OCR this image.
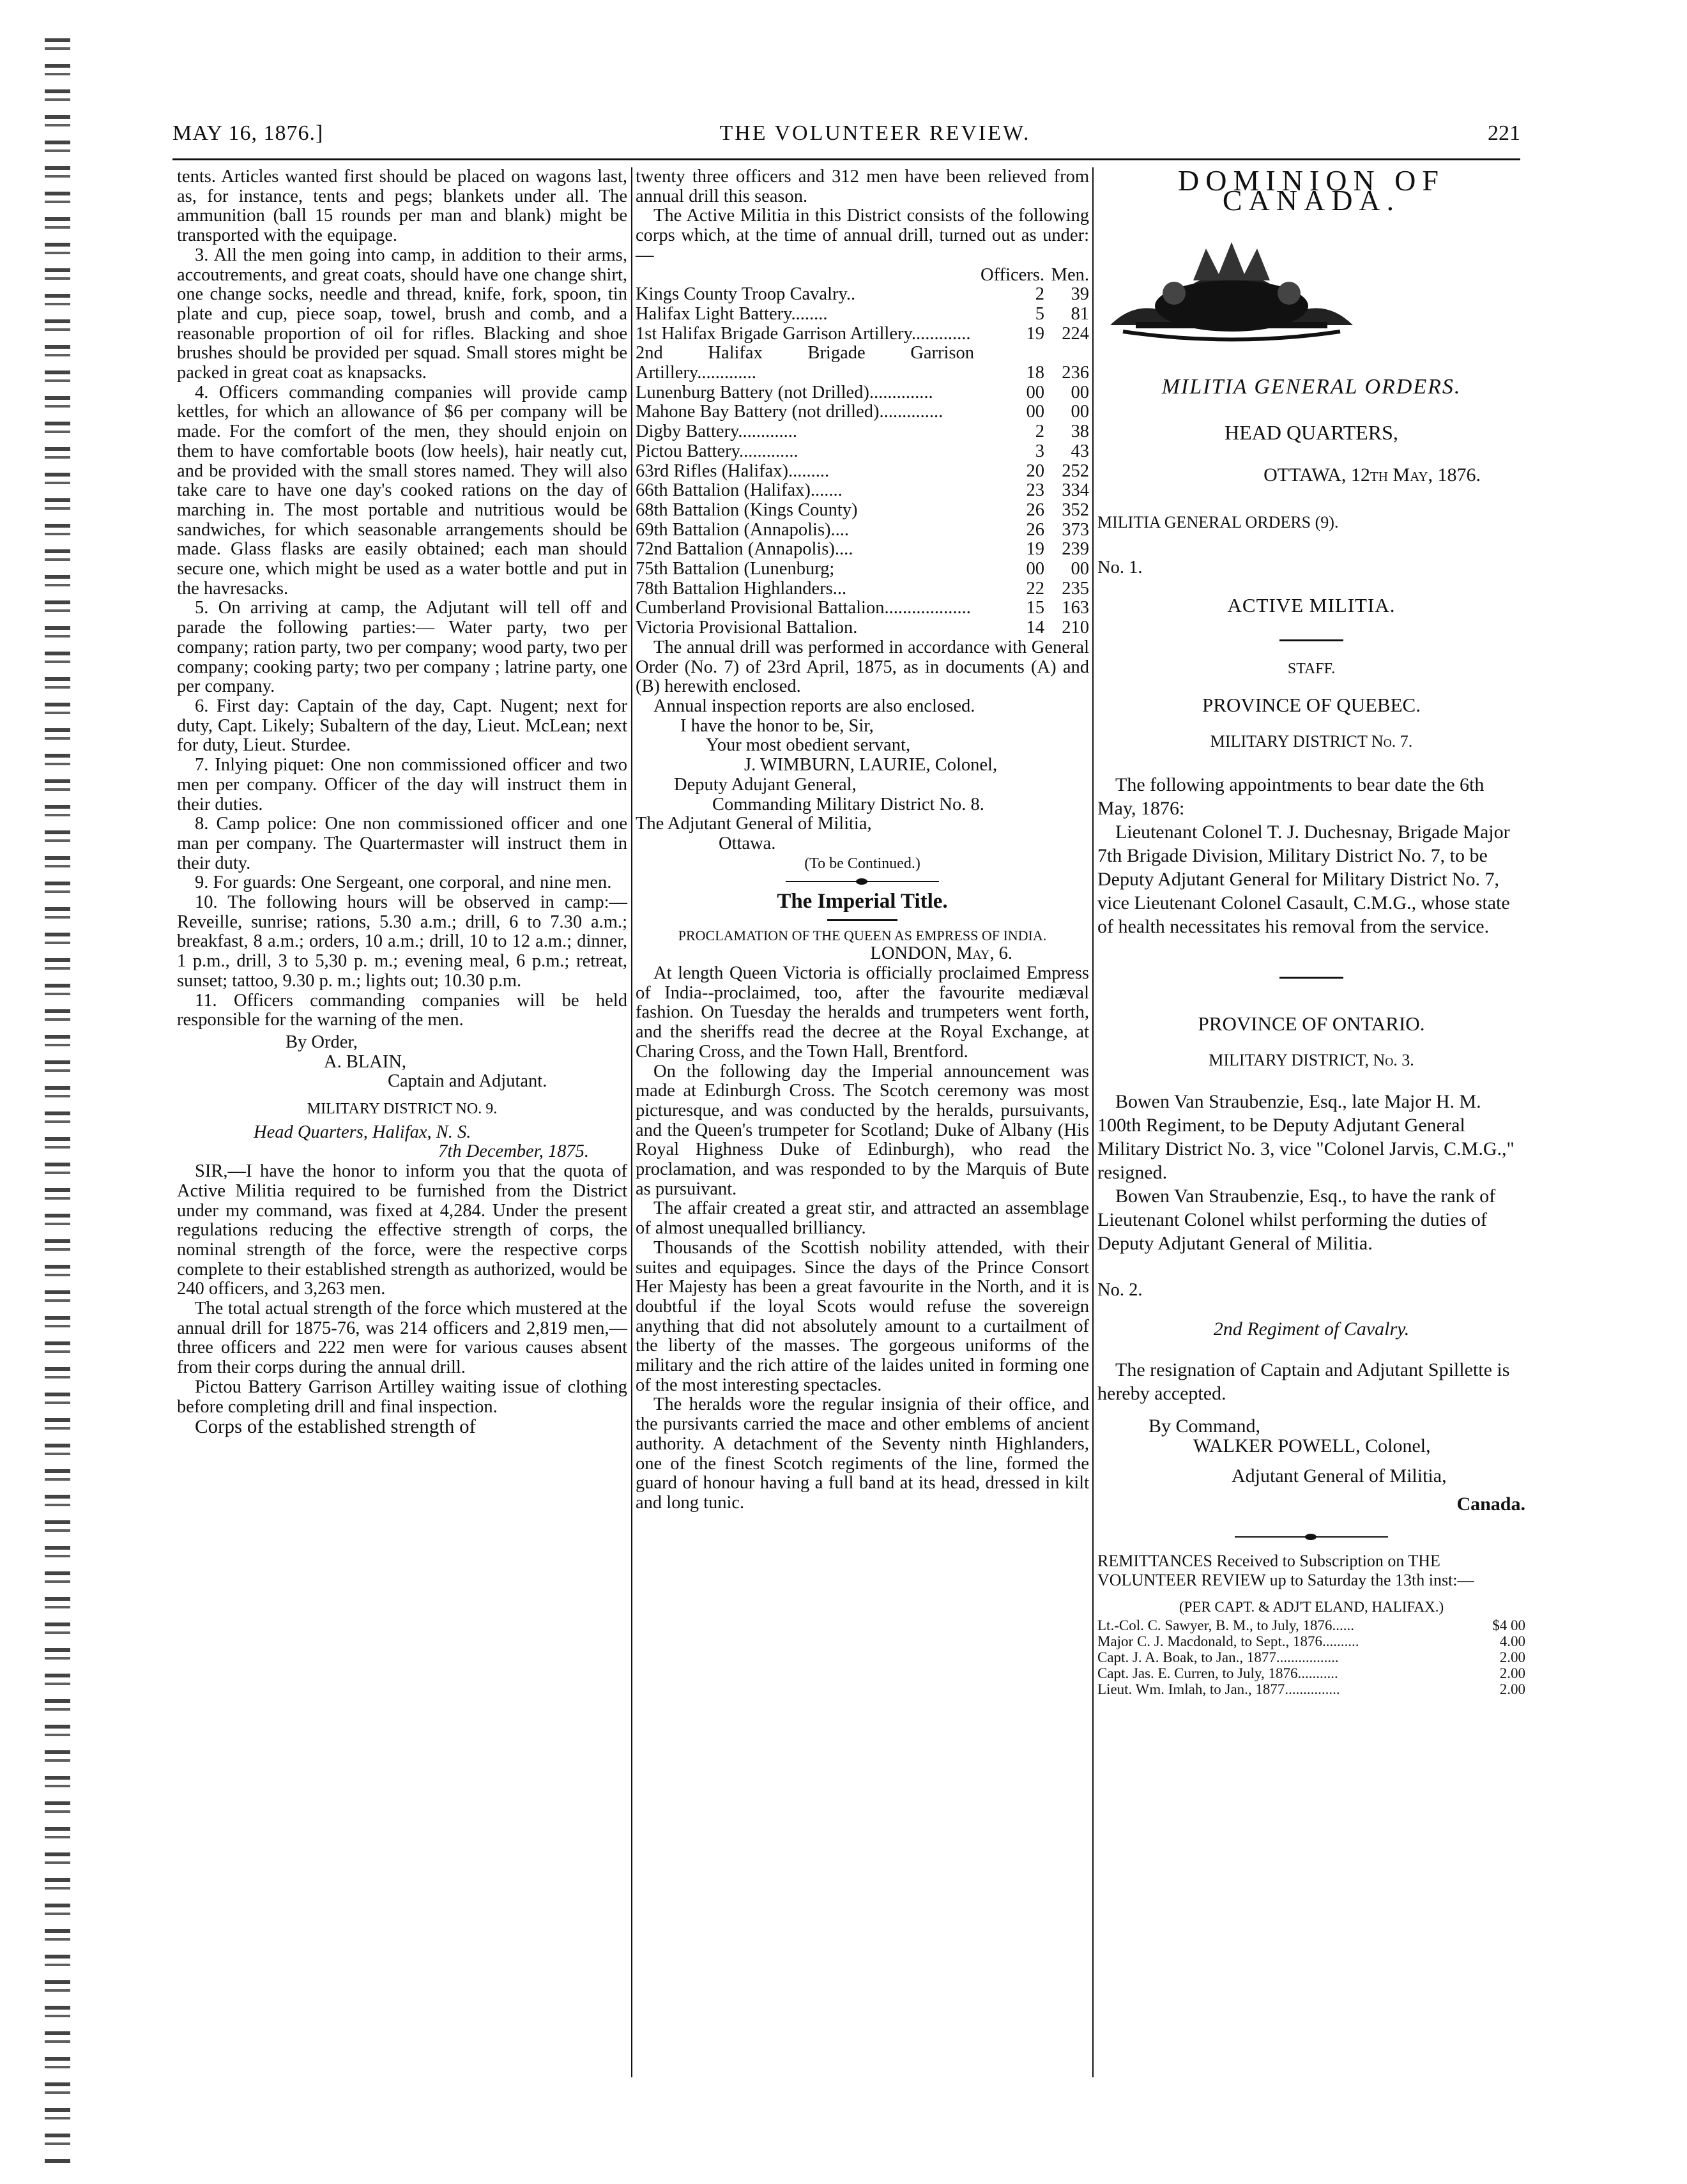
MAY 16, 1876.]	THE VOLUNTEER REVIEW.	221

tents. Articles wanted first should be placed on wagons last, as, for instance, tents and pegs; blankets under all. The ammunition (ball 15 rounds per man and blank) might be transported with the equipage.

3. All the men going into camp, in addition to their arms, accoutrements, and great coats, should have one change shirt, one change socks, needle and thread, knife, fork, spoon, tin plate and cup, piece soap, towel, brush and comb, and a reasonable proportion of oil for rifles. Blacking and shoe brushes should be provided per squad. Small stores might be packed in great coat as knapsacks.

4. Officers commanding companies will provide camp kettles, for which an allowance of $6 per company will be made. For the comfort of the men, they should enjoin on them to have comfortable boots (low heels), hair neatly cut, and be provided with the small stores named. They will also take care to have one day's cooked rations on the day of marching in. The most portable and nutritious would be sandwiches, for which seasonable arrangements should be made. Glass flasks are easily obtained; each man should secure one, which might be used as a water bottle and put in the havresacks.

5. On arriving at camp, the Adjutant will tell off and parade the following parties:— Water party, two per company; ration party, two per company; wood party, two per company; cooking party; two per company ; latrine party, one per company.

6. First day: Captain of the day, Capt. Nugent; next for duty, Capt. Likely; Subaltern of the day, Lieut. McLean; next for duty, Lieut. Sturdee.

7. Inlying piquet: One non commissioned officer and two men per company. Officer of the day will instruct them in their duties.

8. Camp police: One non commissioned officer and one man per company. The Quartermaster will instruct them in their duty.

9. For guards: One Sergeant, one corporal, and nine men.

10. The following hours will be observed in camp:—Reveille, sunrise; rations, 5.30 a.m.; drill, 6 to 7.30 a.m.; breakfast, 8 a.m.; orders, 10 a.m.; drill, 10 to 12 a.m.; dinner, 1 p.m., drill, 3 to 5,30 p. m.; evening meal, 6 p.m.; retreat, sunset; tattoo, 9.30 p. m.; lights out; 10.30 p.m.

11. Officers commanding companies will be held responsible for the warning of the men.

By Order,

A. BLAIN,

Captain and Adjutant.

MILITARY DISTRICT NO. 9.

Head Quarters, Halifax, N. S.

7th December, 1875.

SIR,—I have the honor to inform you that the quota of Active Militia required to be furnished from the District under my command, was fixed at 4,284. Under the present regulations reducing the effective strength of corps, the nominal strength of the force, were the respective corps complete to their established strength as authorized, would be 240 officers, and 3,263 men.

The total actual strength of the force which mustered at the annual drill for 1875-76, was 214 officers and 2,819 men,—three officers and 222 men were for various causes absent from their corps during the annual drill.

Pictou Battery Garrison Artilley waiting issue of clothing before completing drill and final inspection.

Corps of the established strength of

twenty three officers and 312 men have been relieved from annual drill this season.

The Active Militia in this District consists of the following corps which, at the time of annual drill, turned out as under:—

	Officers.	Men.
Kings County Troop Cavalry..	2	39
Halifax Light Battery........	5	81
1st Halifax Brigade Garrison Artillery.............	19	224
2nd Halifax Brigade Garrison Artillery.............	18	236
Lunenburg Battery (not Drilled)..............	00	00
Mahone Bay Battery (not drilled)..............	00	00
Digby Battery.............	2	38
Pictou Battery.............	3	43
63rd Rifles (Halifax).........	20	252
66th Battalion (Halifax).......	23	334
68th Battalion (Kings County)	26	352
69th Battalion (Annapolis)....	26	373
72nd Battalion (Annapolis)....	19	239
75th Battalion (Lunenburg;	00	00
78th Battalion Highlanders...	22	235
Cumberland Provisional Battalion...................	15	163
Victoria Provisional Battalion.	14	210

The annual drill was performed in accordance with General Order (No. 7) of 23rd April, 1875, as in documents (A) and (B) herewith enclosed.

Annual inspection reports are also enclosed.

I have the honor to be, Sir,

Your most obedient servant,

J. WIMBURN, LAURIE, Colonel,

Deputy Adujant General,

Commanding Military District No. 8.

The Adjutant General of Militia,

Ottawa.

(To be Continued.)

The Imperial Title.

PROCLAMATION OF THE QUEEN AS EMPRESS OF INDIA.

LONDON, May, 6.

At length Queen Victoria is officially proclaimed Empress of India--proclaimed, too, after the favourite mediæval fashion. On Tuesday the heralds and trumpeters went forth, and the sheriffs read the decree at the Royal Exchange, at Charing Cross, and the Town Hall, Brentford.

On the following day the Imperial announcement was made at Edinburgh Cross. The Scotch ceremony was most picturesque, and was conducted by the heralds, pursuivants, and the Queen's trumpeter for Scotland; Duke of Albany (His Royal Highness Duke of Edinburgh), who read the proclamation, and was responded to by the Marquis of Bute as pursuivant.

The affair created a great stir, and attracted an assemblage of almost unequalled brilliancy.

Thousands of the Scottish nobility attended, with their suites and equipages. Since the days of the Prince Consort Her Majesty has been a great favourite in the North, and it is doubtful if the loyal Scots would refuse the sovereign anything that did not absolutely amount to a curtailment of the liberty of the masses. The gorgeous uniforms of the military and the rich attire of the laides united in forming one of the most interesting spectacles.

The heralds wore the regular insignia of their office, and the pursivants carried the mace and other emblems of ancient authority. A detachment of the Seventy ninth Highlanders, one of the finest Scotch regiments of the line, formed the guard of honour having a full band at its head, dressed in kilt and long tunic.

DOMINION OF CANADA.

MILITIA GENERAL ORDERS.

HEAD QUARTERS,

OTTAWA, 12th May, 1876.

MILITIA GENERAL ORDERS (9).

No. 1.

ACTIVE MILITIA.

STAFF.

PROVINCE OF QUEBEC.

MILITARY DISTRICT No. 7.

The following appointments to bear date the 6th May, 1876:

Lieutenant Colonel T. J. Duchesnay, Brigade Major 7th Brigade Division, Military District No. 7, to be Deputy Adjutant General for Military District No. 7, vice Lieutenant Colonel Casault, C.M.G., whose state of health necessitates his removal from the service.

PROVINCE OF ONTARIO.

MILITARY DISTRICT, No. 3.

Bowen Van Straubenzie, Esq., late Major H. M. 100th Regiment, to be Deputy Adjutant General Military District No. 3, vice "Colonel Jarvis, C.M.G.," resigned.

Bowen Van Straubenzie, Esq., to have the rank of Lieutenant Colonel whilst performing the duties of Deputy Adjutant General of Militia.

No. 2.

2nd Regiment of Cavalry.

The resignation of Captain and Adjutant Spillette is hereby accepted.

By Command,

WALKER POWELL, Colonel,

Adjutant General of Militia,

Canada.

REMITTANCES Received to Subscription on THE VOLUNTEER REVIEW up to Saturday the 13th inst:—

(PER CAPT. & ADJ'T ELAND, HALIFAX.)

Lt.-Col. C. Sawyer, B. M., to July, 1876......	$4 00
Major C. J. Macdonald, to Sept., 1876..........	4.00
Capt. J. A. Boak, to Jan., 1877.................	2.00
Capt. Jas. E. Curren, to July, 1876...........	2.00
Lieut. Wm. Imlah, to Jan., 1877...............	2.00
